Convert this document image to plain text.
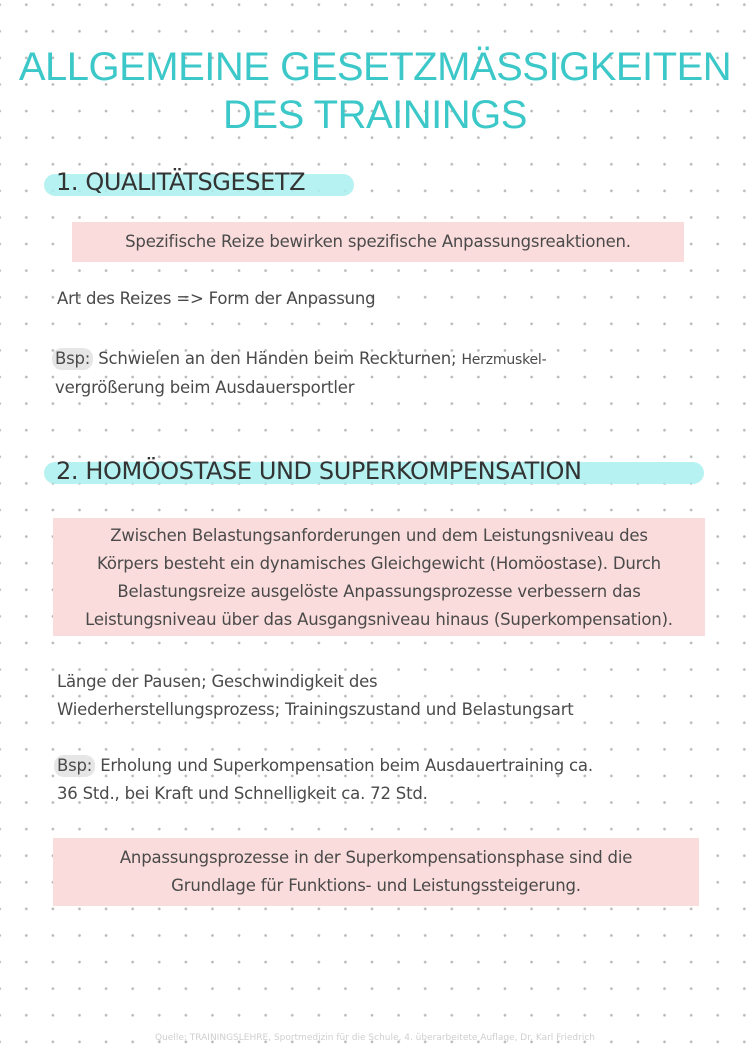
ALLGEMEINE GESETZMÄSSIGKEITEN
DES TRAININGS
1. QUALITÄTSGESETZ
Spezifische Reize bewirken spezifische Anpassungsreaktionen.
Art des Reizes => Form der Anpassung
Bsp: Schwielen an den Händen beim Reckturnen; Herzmuskel-
vergrößerung beim Ausdauersportler
2. HOMÖOSTASE UND SUPERKOMPENSATION
Zwischen Belastungsanforderungen und dem Leistungsniveau des
Körpers besteht ein dynamisches Gleichgewicht (Homöostase). Durch
Belastungsreize ausgelöste Anpassungsprozesse verbessern das
Leistungsniveau über das Ausgangsniveau hinaus (Superkompensation).
Länge der Pausen; Geschwindigkeit des
Wiederherstellungsprozess; Trainingszustand und Belastungsart
Bsp: Erholung und Superkompensation beim Ausdauertraining ca.
36 Std., bei Kraft und Schnelligkeit ca. 72 Std.
Anpassungsprozesse in der Superkompensationsphase sind die
Grundlage für Funktions- und Leistungssteigerung.
Quelle: TRAININGSLEHRE, Sportmedizin für die Schule, 4. überarbeitete Auflage, Dr. Karl Friedrich
